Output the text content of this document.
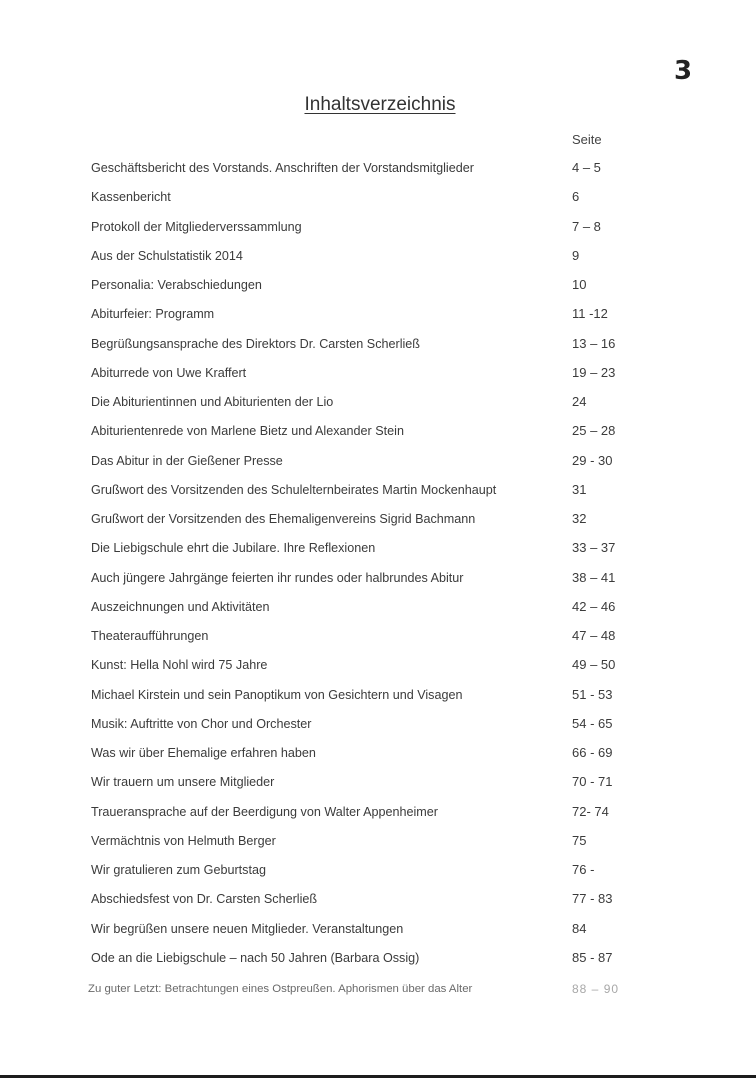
3
Inhaltsverzeichnis
Seite
Geschäftsbericht des Vorstands. Anschriften der Vorstandsmitglieder	4 – 5
Kassenbericht	6
Protokoll der Mitgliederverssammlung	7 – 8
Aus der Schulstatistik 2014	9
Personalia: Verabschiedungen	10
Abiturfeier: Programm	11 -12
Begrüßungsansprache des Direktors Dr. Carsten Scherließ	13 – 16
Abiturrede von Uwe Kraffert	19 – 23
Die Abiturientinnen und Abiturienten der Lio	24
Abiturientenrede von Marlene Bietz und Alexander Stein	25 – 28
Das Abitur in der Gießener Presse	29 - 30
Grußwort des Vorsitzenden des Schulelternbeirates Martin Mockenhaupt	31
Grußwort der Vorsitzenden des Ehemaligenvereins Sigrid Bachmann	32
Die Liebigschule ehrt die Jubilare. Ihre Reflexionen	33 – 37
Auch jüngere Jahrgänge feierten ihr rundes oder halbrundes Abitur	38 – 41
Auszeichnungen und Aktivitäten	42 – 46
Theateraufführungen	47 – 48
Kunst: Hella Nohl wird 75 Jahre	49 – 50
Michael Kirstein und sein Panoptikum von Gesichtern und Visagen	51 - 53
Musik: Auftritte von Chor und Orchester	54 - 65
Was wir über Ehemalige erfahren haben	66 - 69
Wir trauern um unsere Mitglieder	70 - 71
Traueransprache auf der Beerdigung von Walter Appenheimer	72- 74
Vermächtnis von Helmuth Berger	75
Wir gratulieren zum Geburtstag	76 -
Abschiedsfest von Dr. Carsten Scherließ	77 - 83
Wir begrüßen unsere neuen Mitglieder. Veranstaltungen	84
Ode an die Liebigschule – nach 50 Jahren (Barbara Ossig)	85 - 87
Zu guter Letzt: Betrachtungen eines Ostpreußen. Aphorismen über das Alter	88 – 90
